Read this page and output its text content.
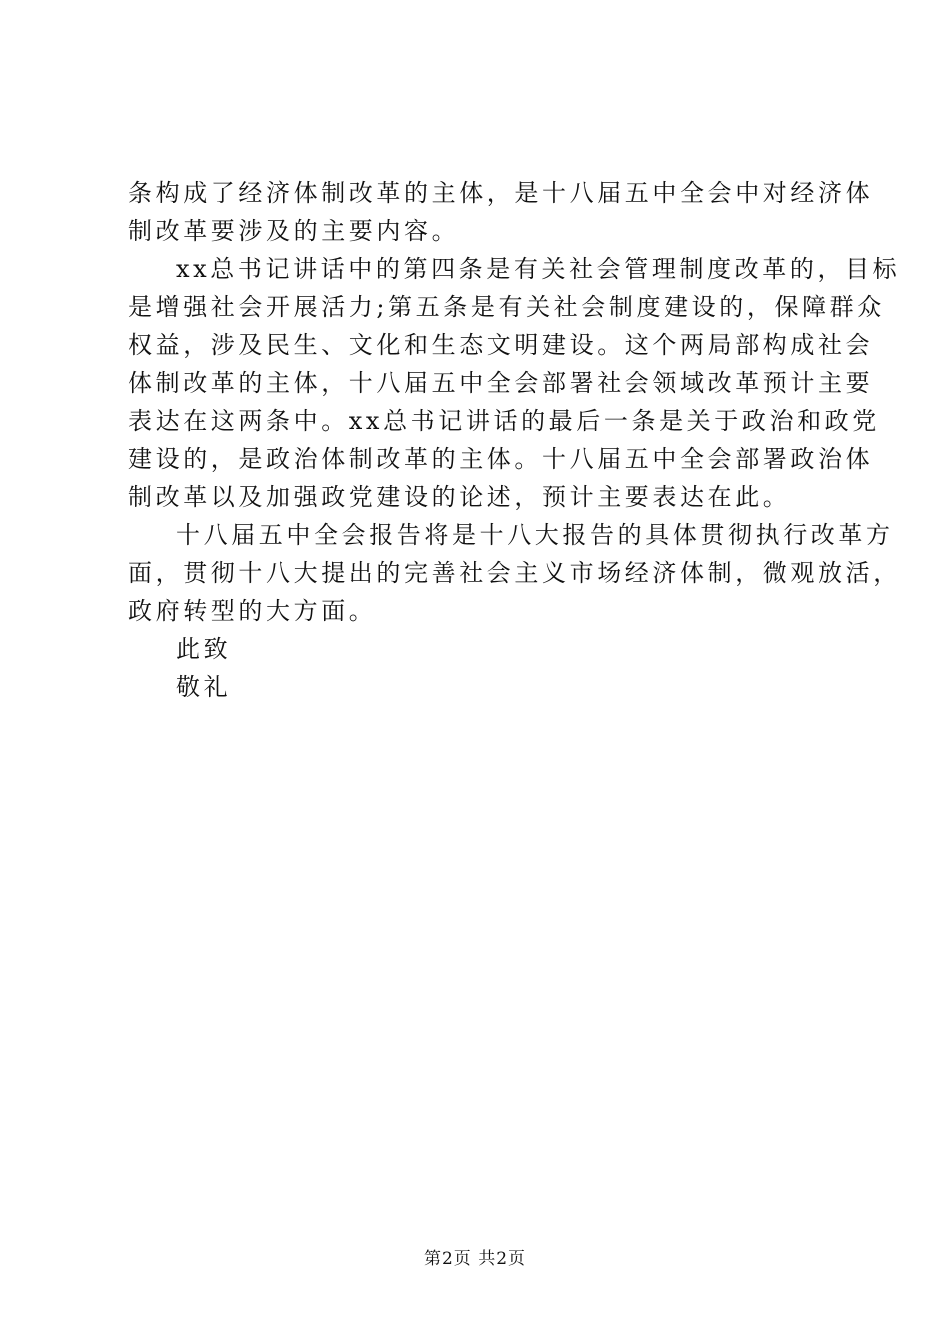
条构成了经济体制改革的主体，是十八届五中全会中对经济体
制改革要涉及的主要内容。

xx总书记讲话中的第四条是有关社会管理制度改革的，目标
是增强社会开展活力;第五条是有关社会制度建设的，保障群众
权益，涉及民生、文化和生态文明建设。这个两局部构成社会
体制改革的主体，十八届五中全会部署社会领域改革预计主要
表达在这两条中。xx总书记讲话的最后一条是关于政治和政党
建设的，是政治体制改革的主体。十八届五中全会部署政治体
制改革以及加强政党建设的论述，预计主要表达在此。

十八届五中全会报告将是十八大报告的具体贯彻执行改革方
面，贯彻十八大提出的完善社会主义市场经济体制，微观放活，
政府转型的大方面。

此致
敬礼

第2页 共2页
